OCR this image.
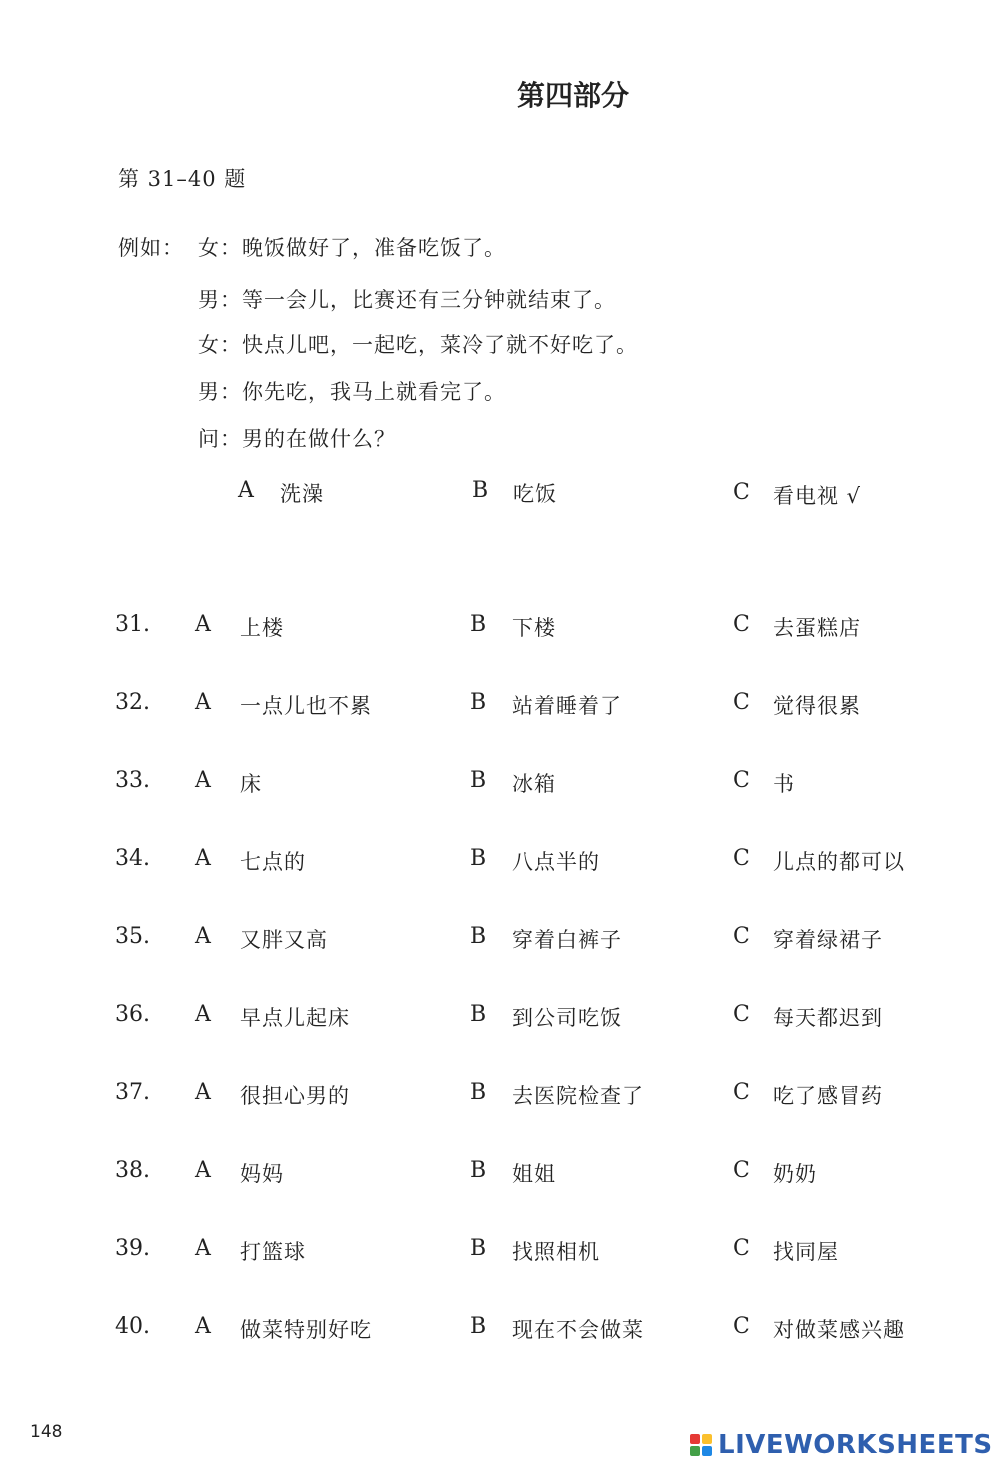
第四部分
第 31–40 题
例如： 女：晚饭做好了，准备吃饭了。
男：等一会儿，比赛还有三分钟就结束了。
女：快点儿吧，一起吃，菜冷了就不好吃了。
男：你先吃，我马上就看完了。
问：男的在做什么？
A 洗澡	B 吃饭	C 看电视 √
31. A 上楼	B 下楼	C 去蛋糕店
32. A 一点儿也不累	B 站着睡着了	C 觉得很累
33. A 床	B 冰箱	C 书
34. A 七点的	B 八点半的	C 儿点的都可以
35. A 又胖又高	B 穿着白裤子	C 穿着绿裙子
36. A 早点儿起床	B 到公司吃饭	C 每天都迟到
37. A 很担心男的	B 去医院检查了	C 吃了感冒药
38. A 妈妈	B 姐姐	C 奶奶
39. A 打篮球	B 找照相机	C 找同屋
40. A 做菜特别好吃	B 现在不会做菜	C 对做菜感兴趣
148	LIVEWORKSHEETS
